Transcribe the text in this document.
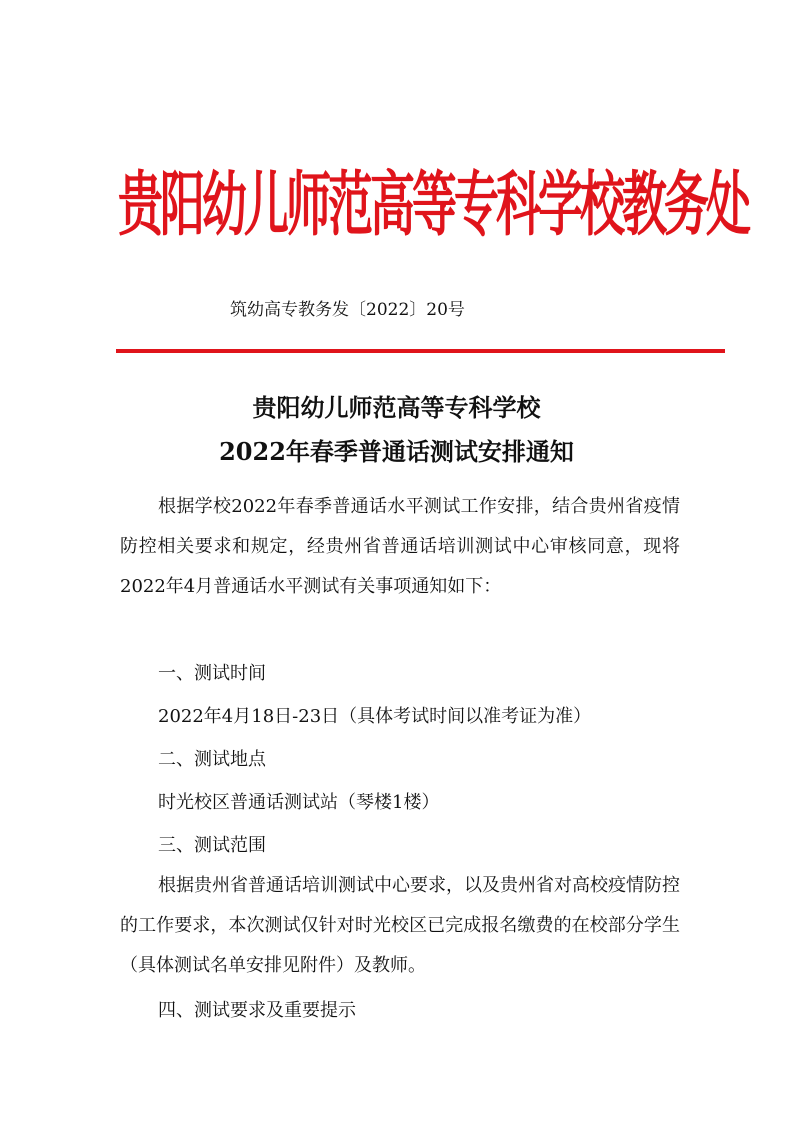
贵阳幼儿师范高等专科学校教务处
筑幼高专教务发〔2022〕20号
贵阳幼儿师范高等专科学校
2022年春季普通话测试安排通知
根据学校2022年春季普通话水平测试工作安排，结合贵州省疫情防控相关要求和规定，经贵州省普通话培训测试中心审核同意，现将2022年4月普通话水平测试有关事项通知如下：
一、测试时间
2022年4月18日-23日（具体考试时间以准考证为准）
二、测试地点
时光校区普通话测试站（琴楼1楼）
三、测试范围
根据贵州省普通话培训测试中心要求，以及贵州省对高校疫情防控的工作要求，本次测试仅针对时光校区已完成报名缴费的在校部分学生（具体测试名单安排见附件）及教师。
四、测试要求及重要提示
